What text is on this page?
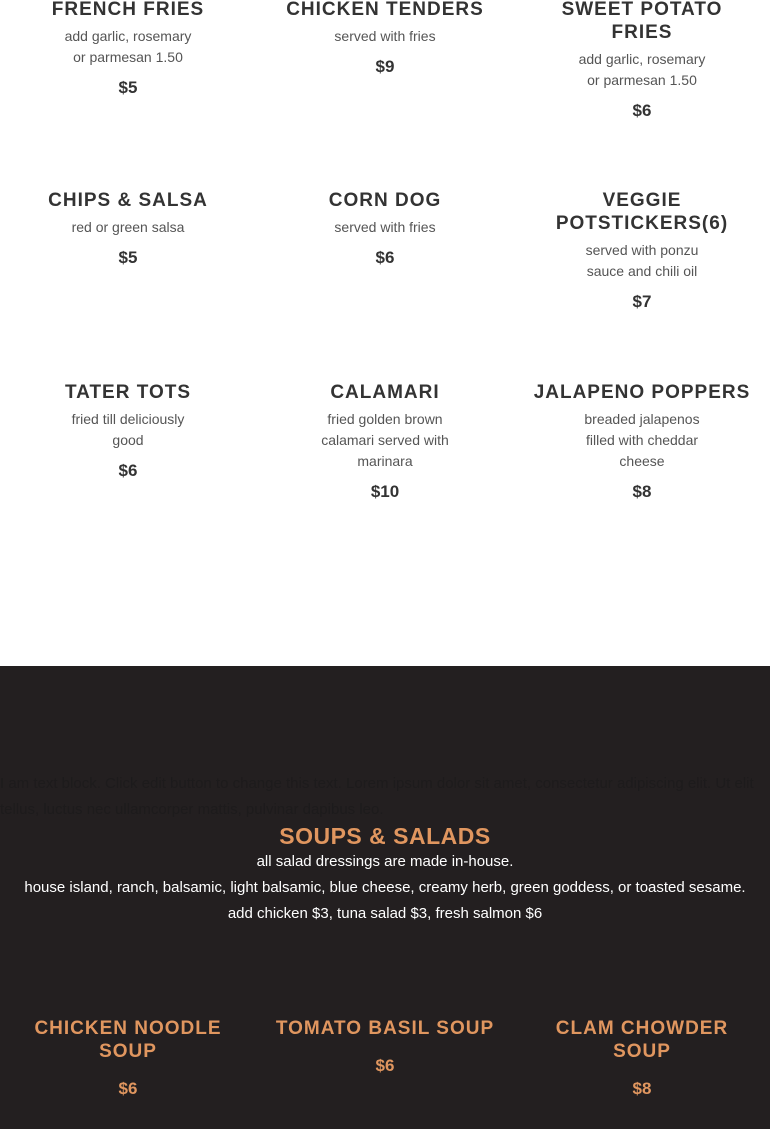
FRENCH FRIES
add garlic, rosemary or parmesan 1.50
$5
CHICKEN TENDERS
served with fries
$9
SWEET POTATO FRIES
add garlic, rosemary or parmesan 1.50
$6
CHIPS & SALSA
red or green salsa
$5
CORN DOG
served with fries
$6
VEGGIE POTSTICKERS(6)
served with ponzu sauce and chili oil
$7
TATER TOTS
fried till deliciously good
$6
CALAMARI
fried golden brown calamari served with marinara
$10
JALAPENO POPPERS
breaded jalapenos filled with cheddar cheese
$8
I am text block. Click edit button to change this text. Lorem ipsum dolor sit amet, consectetur adipiscing elit. Ut elit tellus, luctus nec ullamcorper mattis, pulvinar dapibus leo.
SOUPS & SALADS
all salad dressings are made in-house.
house island, ranch, balsamic, light balsamic, blue cheese, creamy herb, green goddess, or toasted sesame.
add chicken $3, tuna salad $3, fresh salmon $6
CHICKEN NOODLE SOUP
$6
TOMATO BASIL SOUP
$6
CLAM CHOWDER SOUP
$8
